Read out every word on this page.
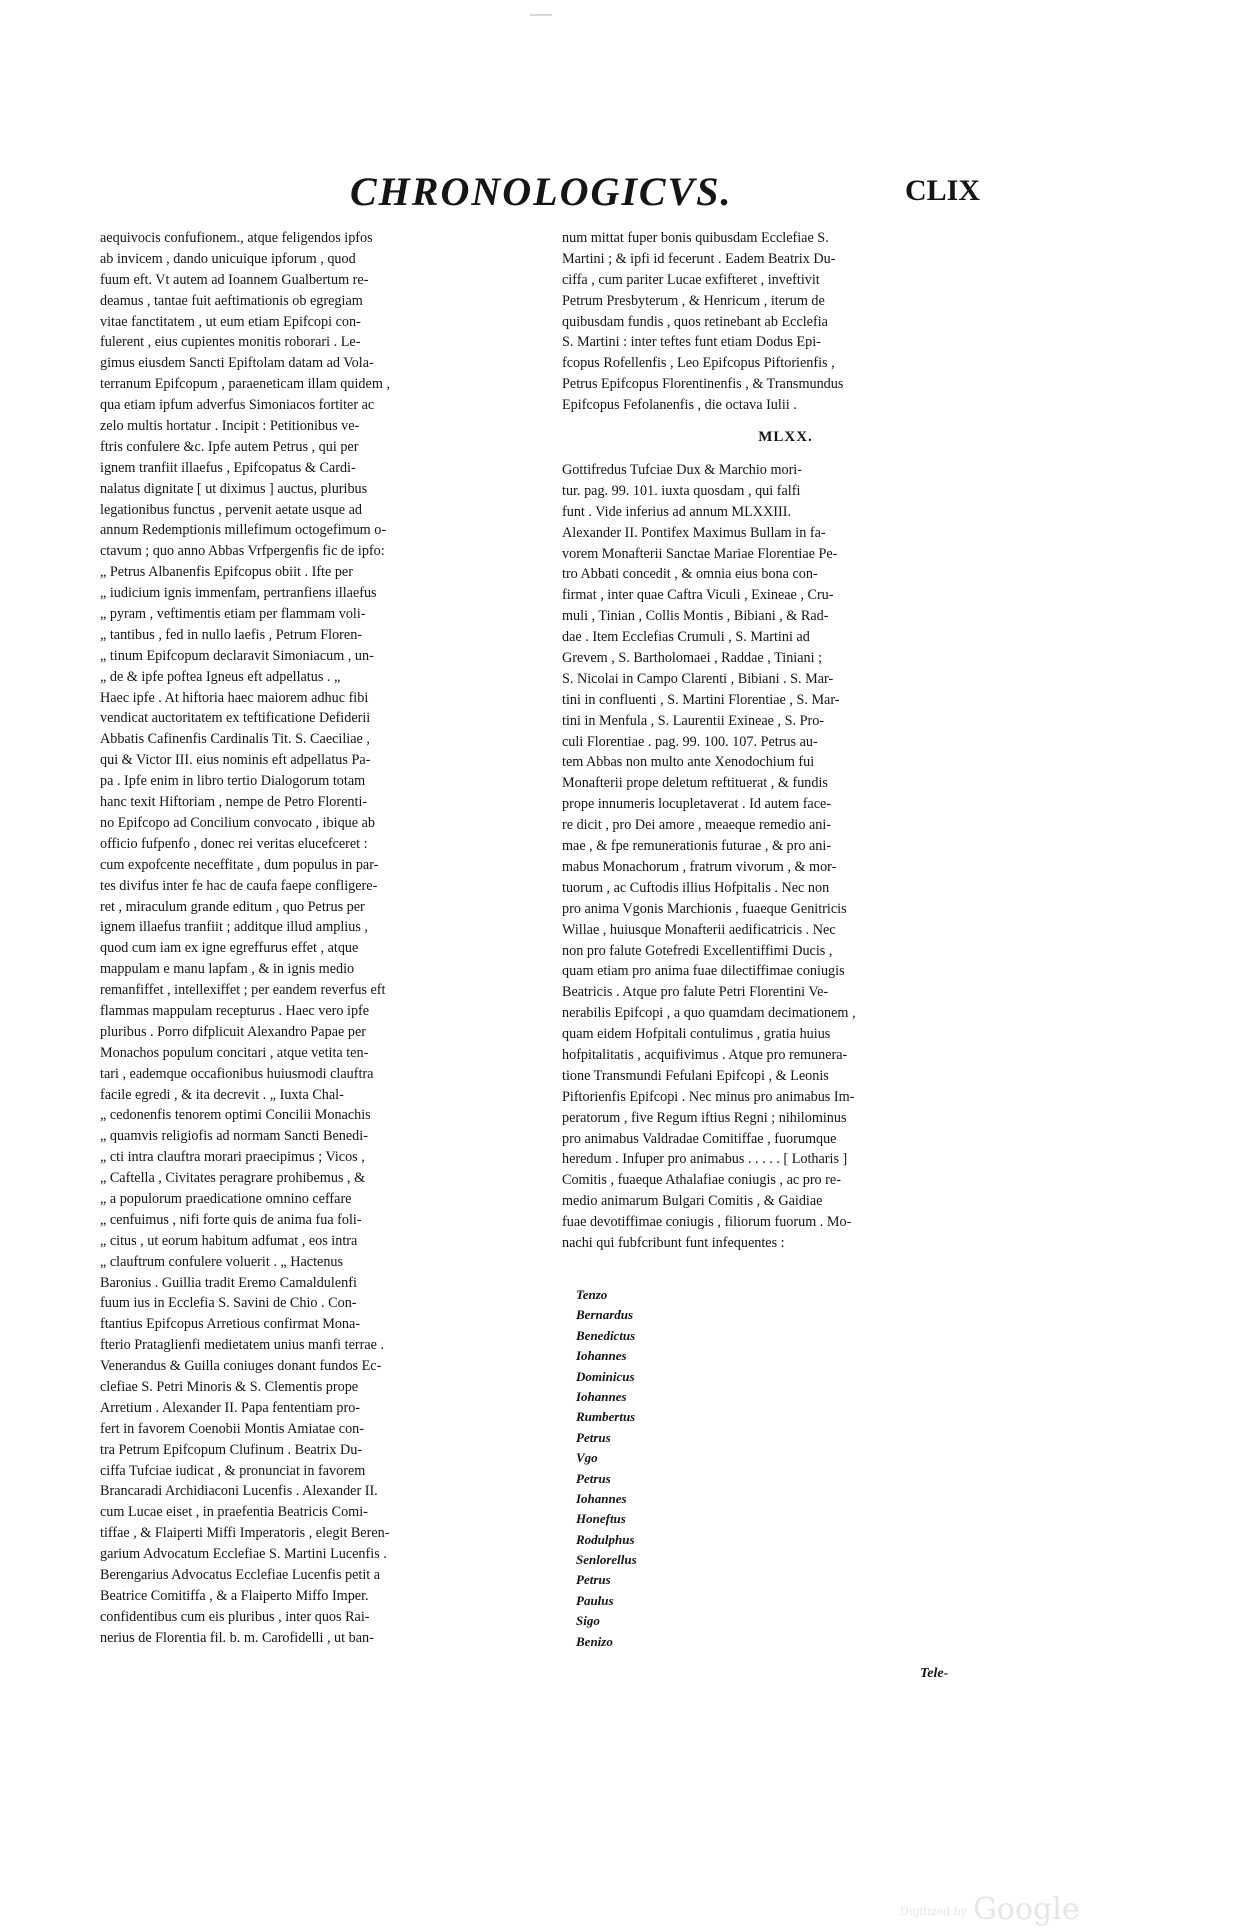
CHRONOLOGICVS.	CLIX
aequivocis confufionem., atque feligendos ipfos
ab invicem , dando unicuique ipforum , quod
fuum eft. Vt autem ad Ioannem Gualbertum re-
deamus , tantae fuit aeftimationis ob egregiam
vitae fanctitatem , ut eum etiam Epifcopi con-
fulerent , eius cupientes monitis roborari . Le-
gimus eiusdem Sancti Epiftolam datam ad Vola-
terranum Epifcopum , paraeneticam illam quidem ,
qua etiam ipfum adverfus Simoniacos fortiter ac
zelo multis hortatur . Incipit : Petitionibus ve-
ftris confulere &c. Ipfe autem Petrus , qui per
ignem tranfiit illaefus , Epifcopatus & Cardi-
nalatus dignitate [ ut diximus ] auctus, pluribus
legationibus functus , pervenit aetate usque ad
annum Redemptionis millefimum octogefimum o-
ctavum ; quo anno Abbas Vrfpergenfis fic de ipfo:
„ Petrus Albanenfis Epifcopus obiit . Ifte per
„ iudicium ignis immenfam, pertranfiens illaefus
„ pyram , veftimentis etiam per flammam voli-
„ tantibus , fed in nullo laefis , Petrum Floren-
„ tinum Epifcopum declaravit Simoniacum , un-
„ de & ipfe poftea Igneus eft adpellatus . „
Haec ipfe . At hiftoria haec maiorem adhuc fibi
vendicat auctoritatem ex teftificatione Defiderii
Abbatis Cafinenfis Cardinalis Tit. S. Caeciliae ,
qui & Victor III. eius nominis eft adpellatus Pa-
pa . Ipfe enim in libro tertio Dialogorum totam
hanc texit Hiftoriam , nempe de Petro Florenti-
no Epifcopo ad Concilium convocato , ibique ab
officio fufpenfo , donec rei veritas elucefceret :
cum expofcente neceffitate , dum populus in par-
tes divifus inter fe hac de caufa faepe confligere-
ret , miraculum grande editum , quo Petrus per
ignem illaefus tranfiit ; additque illud amplius ,
quod cum iam ex igne egreffurus effet , atque
mappulam e manu lapfam , & in ignis medio
remanfiffet , intellexiffet ; per eandem reverfus eft
flammas mappulam recepturus . Haec vero ipfe
pluribus . Porro difplicuit Alexandro Papae per
Monachos populum concitari , atque vetita ten-
tari , eademque occafionibus huiusmodi clauftra
facile egredi , & ita decrevit . „ Iuxta Chal-
„ cedonenfis tenorem optimi Concilii Monachis
„ quamvis religiofis ad normam Sancti Benedi-
„ cti intra clauftra morari praecipimus ; Vicos ,
„ Caftella , Civitates peragrare prohibemus , &
„ a populorum praedicatione omnino ceffare
„ cenfuimus , nifi forte quis de anima fua foli-
„ citus , ut eorum habitum adfumat , eos intra
„ clauftrum confulere voluerit . „ Hactenus
Baronius . Guillia tradit Eremo Camaldulenfi
fuum ius in Ecclefia S. Savini de Chio . Con-
ftantius Epifcopus Arretious confirmat Mona-
fterio Prataglienfi medietatem unius manfi terrae .
Venerandus & Guilla coniuges donant fundos Ec-
clefiae S. Petri Minoris & S. Clementis prope
Arretium . Alexander II. Papa fententiam pro-
fert in favorem Coenobii Montis Amiatae con-
tra Petrum Epifcopum Clufinum . Beatrix Du-
ciffa Tufciae iudicat , & pronunciat in favorem
Brancaradi Archidiaconi Lucenfis . Alexander II.
cum Lucae eiset , in praefentia Beatricis Comi-
tiffae , & Flaiperti Miffi Imperatoris , elegit Beren-
garium Advocatum Ecclefiae S. Martini Lucenfis .
Berengarius Advocatus Ecclefiae Lucenfis petit a
Beatrice Comitiffa , & a Flaiperto Miffo Imper.
confidentibus cum eis pluribus , inter quos Rai-
nerius de Florentia fil. b. m. Carofidelli , ut ban-
num mittat fuper bonis quibusdam Ecclefiae S.
Martini ; & ipfi id fecerunt . Eadem Beatrix Du-
ciffa , cum pariter Lucae exfifteret , inveftivit
Petrum Presbyterum , & Henricum , iterum de
quibusdam fundis , quos retinebant ab Ecclefia
S. Martini : inter teftes funt etiam Dodus Epi-
fcopus Rofellenfis , Leo Epifcopus Piftorienfis ,
Petrus Epifcopus Florentinenfis , & Transmundus
Epifcopus Fefolanenfis , die octava Iulii .
MLXX.
Gottifredus Tufciae Dux & Marchio mori-
tur. pag. 99. 101. iuxta quosdam , qui falfi
funt . Vide inferius ad annum MLXXIII.
Alexander II. Pontifex Maximus Bullam in fa-
vorem Monafterii Sanctae Mariae Florentiae Pe-
tro Abbati concedit , & omnia eius bona con-
firmat , inter quae Caftra Viculi , Exineae , Cru-
muli , Tinian , Collis Montis , Bibiani , & Rad-
dae . Item Ecclefias Crumuli , S. Martini ad
Grevem , S. Bartholomaei , Raddae , Tiniani ;
S. Nicolai in Campo Clarenti , Bibiani . S. Mar-
tini in confluenti , S. Martini Florentiae , S. Mar-
tini in Menfula , S. Laurentii Exineae , S. Pro-
culi Florentiae . pag. 99. 100. 107. Petrus au-
tem Abbas non multo ante Xenodochium fui
Monafterii prope deletum reftituerat , & fundis
prope innumeris locupletaverat . Id autem face-
re dicit , pro Dei amore , meaeque remedio ani-
mae , & fpe remunerationis futurae , & pro ani-
mabus Monachorum , fratrum vivorum , & mor-
tuorum , ac Cuftodis illius Hofpitalis . Nec non
pro anima Vgonis Marchionis , fuaeque Genitricis
Willae , huiusque Monafterii aedificatricis . Nec
non pro falute Gotefredi Excellentiffimi Ducis ,
quam etiam pro anima fuae dilectiffimae coniugis
Beatricis . Atque pro falute Petri Florentini Ve-
nerabilis Epifcopi , a quo quamdam decimationem ,
quam eidem Hofpitali contulimus , gratia huius
hofpitalitatis , acquifivimus . Atque pro remunera-
tione Transmundi Fefulani Epifcopi , & Leonis
Piftorienfis Epifcopi . Nec minus pro animabus Im-
peratorum , five Regum iftius Regni ; nihilominus
pro animabus Valdradae Comitiffae , fuorumque
heredum . Infuper pro animabus . . . . . [ Lotharis ]
Comitis , fuaeque Athalafiae coniugis , ac pro re-
medio animarum Bulgari Comitis , & Gaidiae
fuae devotiffimae coniugis , filiorum fuorum . Mo-
nachi qui fubfcribunt funt infequentes :
Tenzo
Bernardus
Benedictus
Iohannes
Dominicus
Iohannes
Rumbertus
Petrus
Vgo
Petrus
Iohannes
Honeftus
Rodulphus
Senlorellus
Petrus
Paulus
Sigo
Benizo
Tele-
Digitized by Google
